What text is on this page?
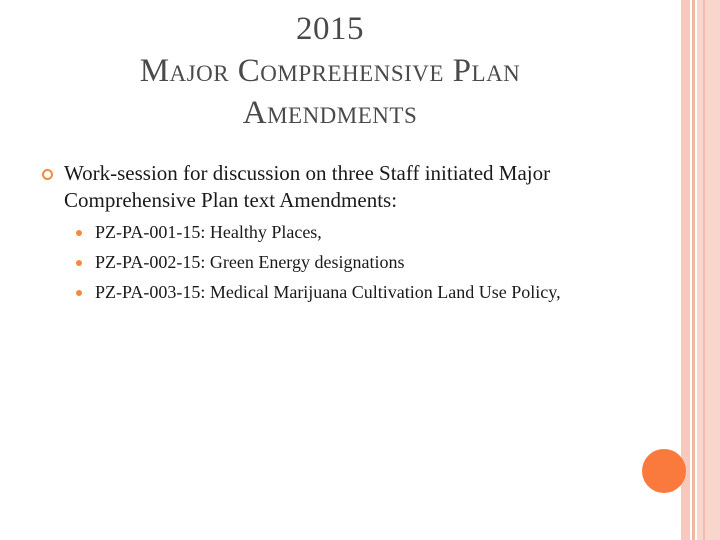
2015
Major Comprehensive Plan
Amendments
Work-session for discussion on three Staff initiated Major Comprehensive Plan text Amendments:
PZ-PA-001-15: Healthy Places,
PZ-PA-002-15: Green Energy designations
PZ-PA-003-15: Medical Marijuana Cultivation Land Use Policy,
